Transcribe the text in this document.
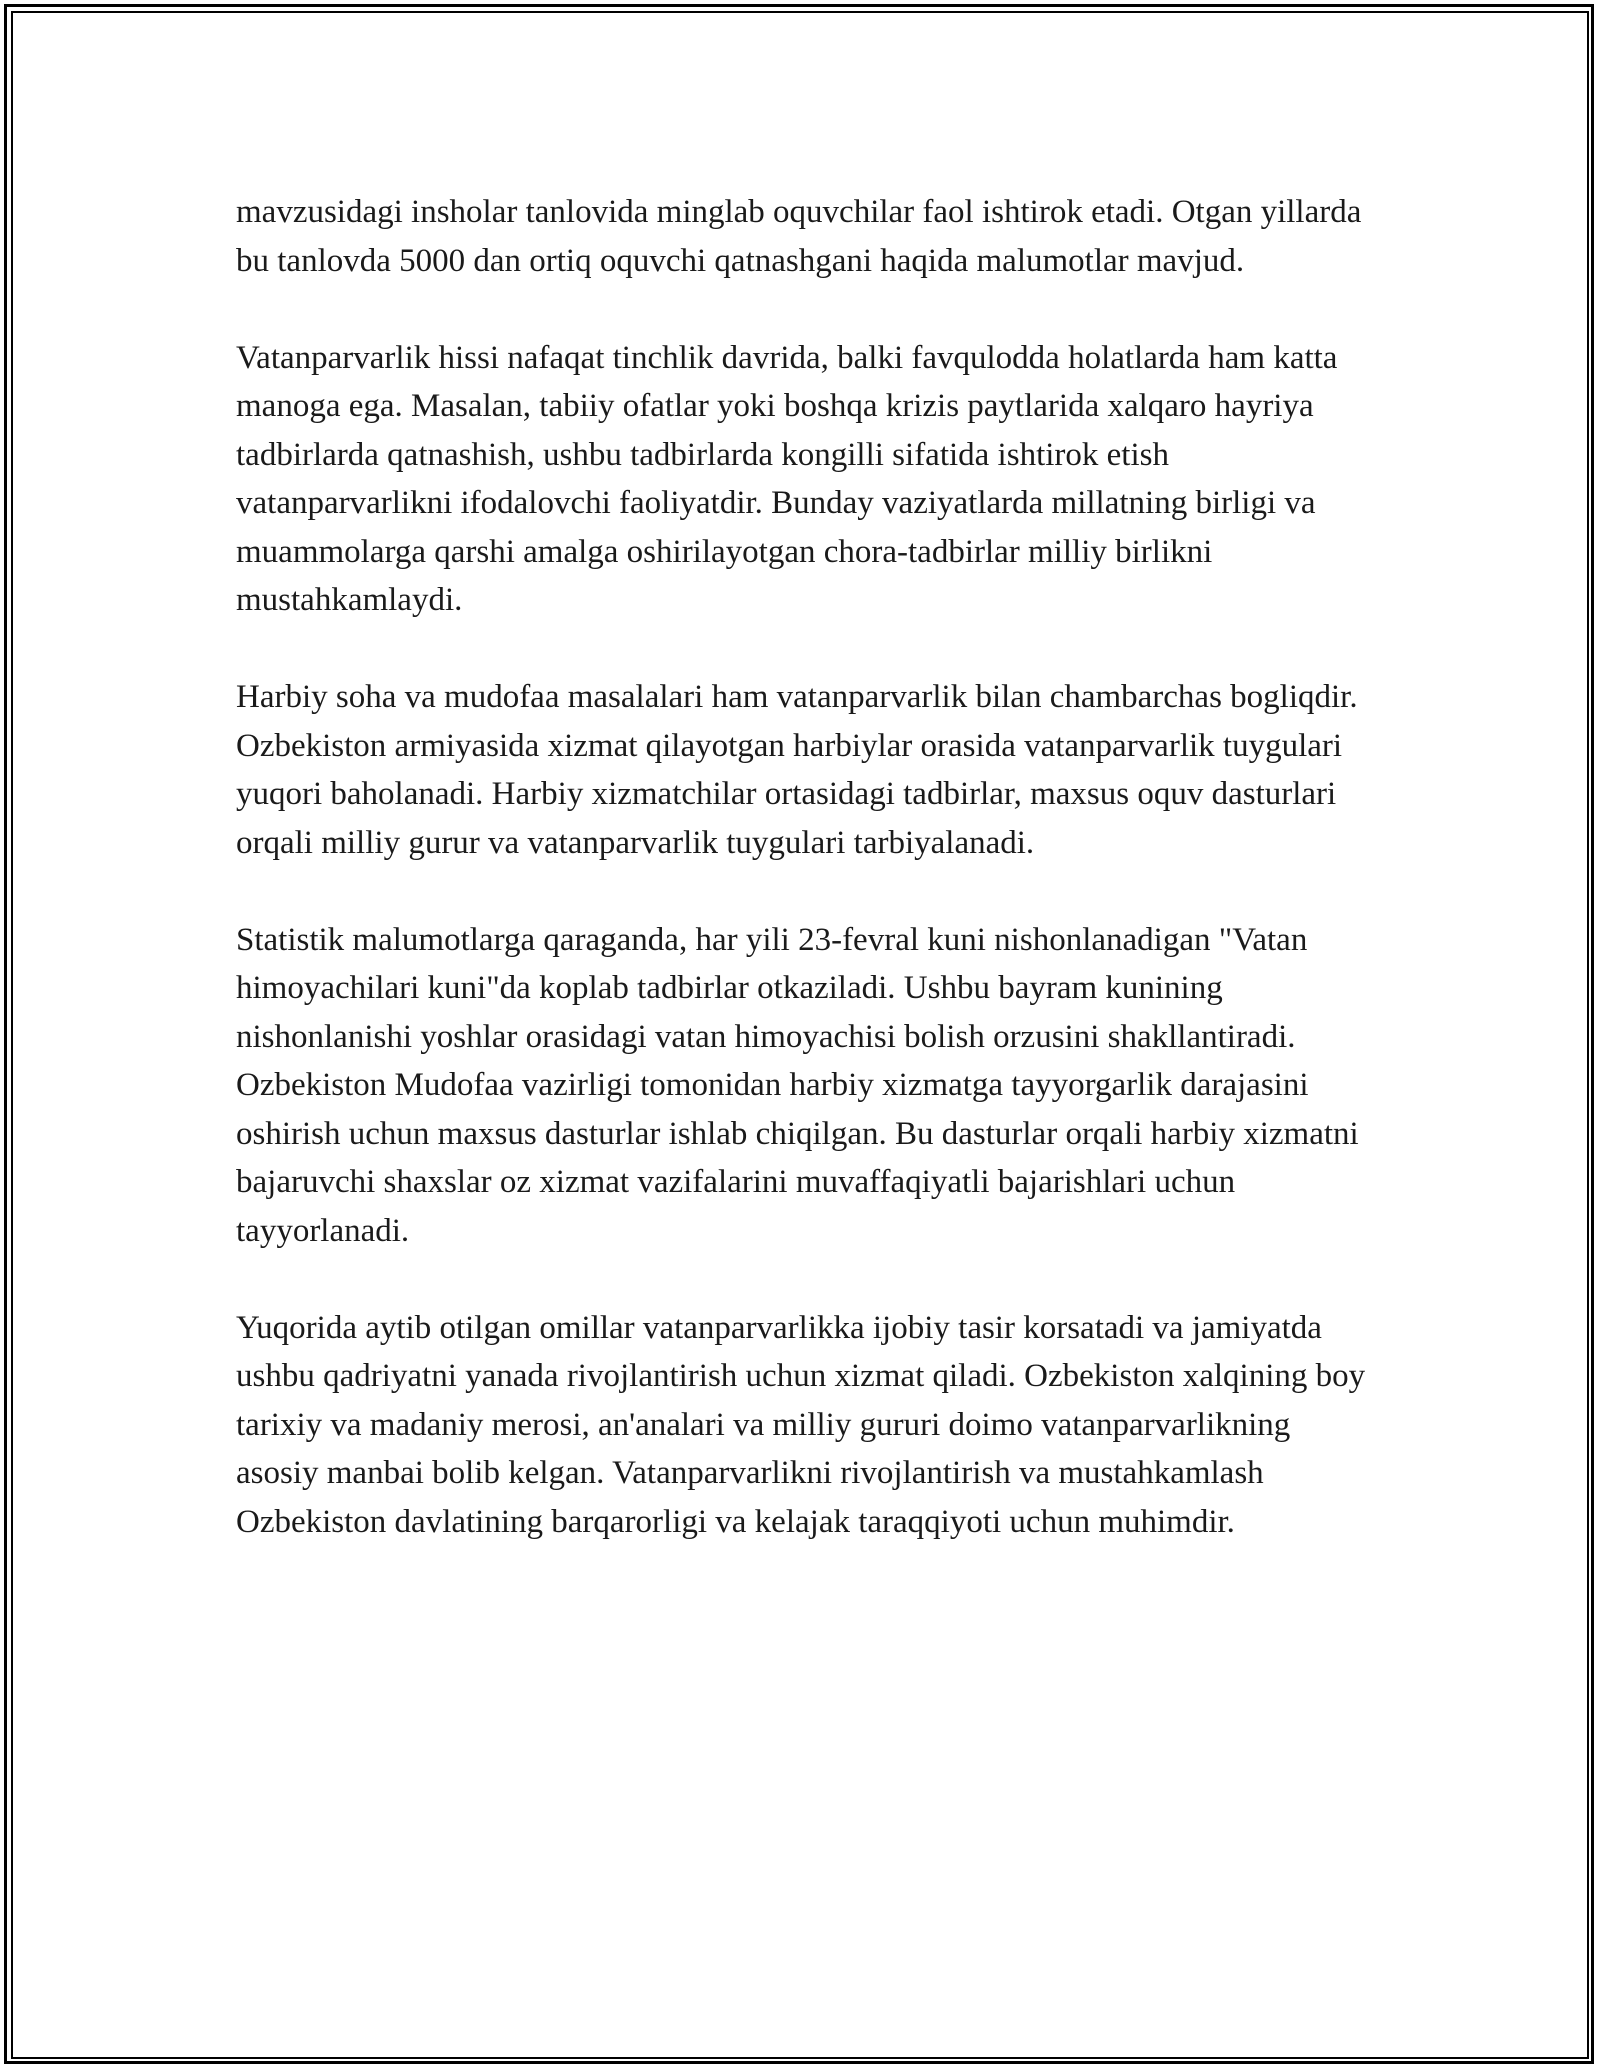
mavzusidagi insholar tanlovida minglab oquvchilar faol ishtirok etadi. Otgan yillarda bu tanlovda 5000 dan ortiq oquvchi qatnashgani haqida malumotlar mavjud.

Vatanparvarlik hissi nafaqat tinchlik davrida, balki favqulodda holatlarda ham katta manoga ega. Masalan, tabiiy ofatlar yoki boshqa krizis paytlarida xalqaro hayriya tadbirlarda qatnashish, ushbu tadbirlarda kongilli sifatida ishtirok etish vatanparvarlikni ifodalovchi faoliyatdir. Bunday vaziyatlarda millatning birligi va muammolarga qarshi amalga oshirilayotgan chora-tadbirlar milliy birlikni mustahkamlaydi.

Harbiy soha va mudofaa masalalari ham vatanparvarlik bilan chambarchas bogliqdir. Ozbekiston armiyasida xizmat qilayotgan harbiylar orasida vatanparvarlik tuygulari yuqori baholanadi. Harbiy xizmatchilar ortasidagi tadbirlar, maxsus oquv dasturlari orqali milliy gurur va vatanparvarlik tuygulari tarbiyalanadi.

Statistik malumotlarga qaraganda, har yili 23-fevral kuni nishonlanadigan "Vatan himoyachilari kuni"da koplab tadbirlar otkaziladi. Ushbu bayram kunining nishonlanishi yoshlar orasidagi vatan himoyachisi bolish orzusini shakllantiradi. Ozbekiston Mudofaa vazirligi tomonidan harbiy xizmatga tayyorgarlik darajasini oshirish uchun maxsus dasturlar ishlab chiqilgan. Bu dasturlar orqali harbiy xizmatni bajaruvchi shaxslar oz xizmat vazifalarini muvaffaqiyatli bajarishlari uchun tayyorlanadi.

Yuqorida aytib otilgan omillar vatanparvarlikka ijobiy tasir korsatadi va jamiyatda ushbu qadriyatni yanada rivojlantirish uchun xizmat qiladi. Ozbekiston xalqining boy tarixiy va madaniy merosi, an'analari va milliy gururi doimo vatanparvarlikning asosiy manbai bolib kelgan. Vatanparvarlikni rivojlantirish va mustahkamlash Ozbekiston davlatining barqarorligi va kelajak taraqqiyoti uchun muhimdir.
